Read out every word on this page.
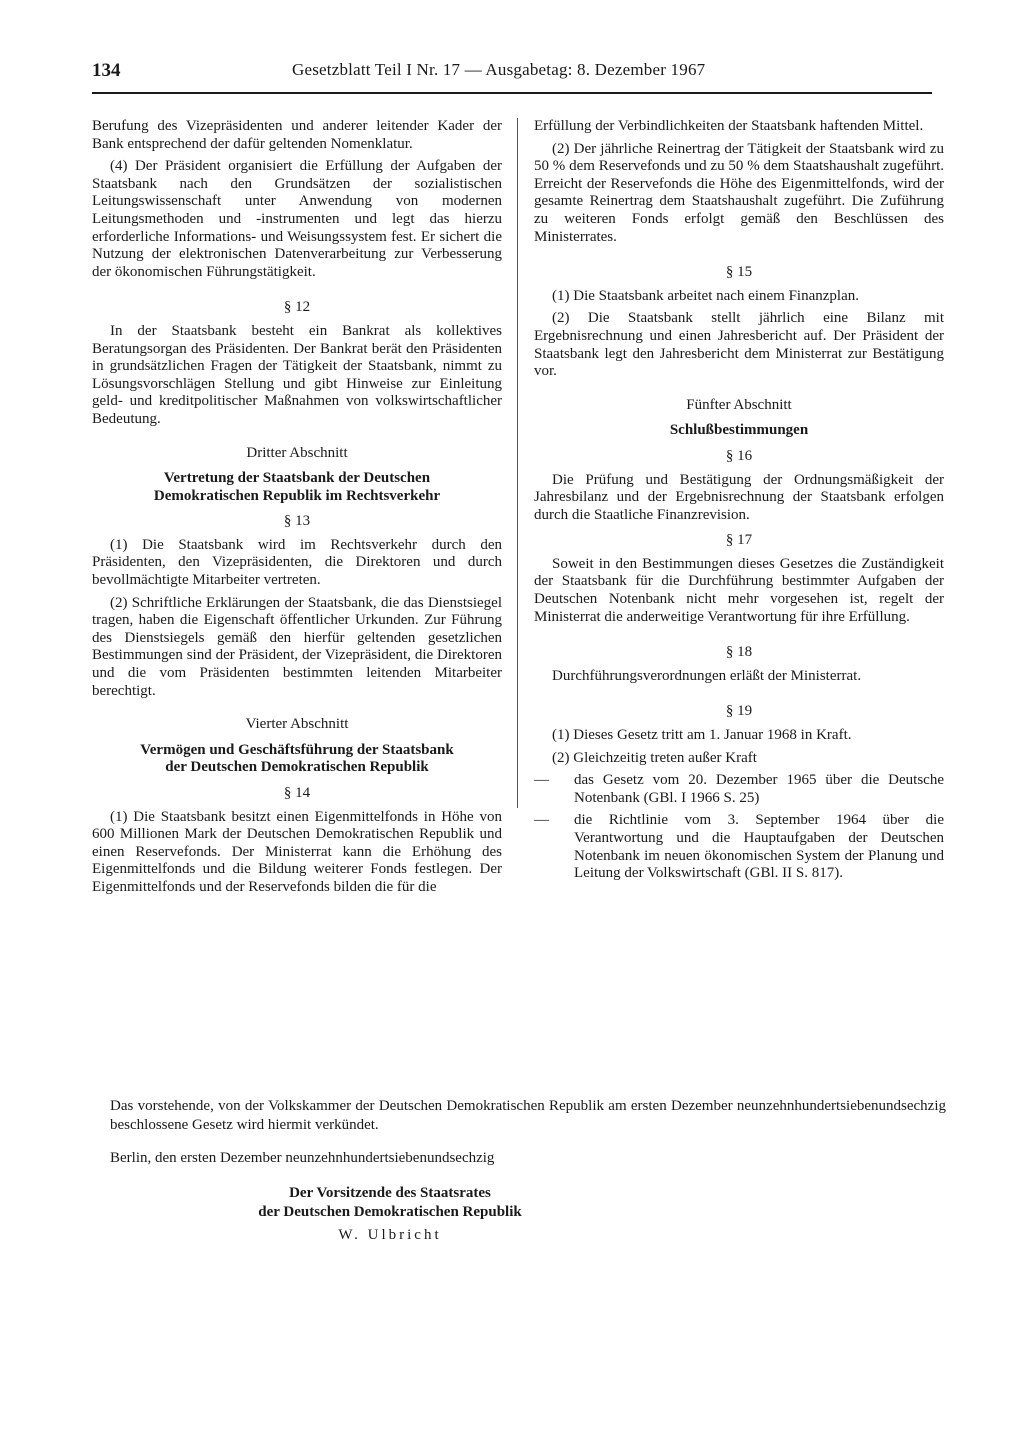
134	Gesetzblatt Teil I Nr. 17 — Ausgabetag: 8. Dezember 1967

Berufung des Vizepräsidenten und anderer leitender Kader der Bank entsprechend der dafür geltenden Nomenklatur.

(4) Der Präsident organisiert die Erfüllung der Aufgaben der Staatsbank nach den Grundsätzen der sozialistischen Leitungswissenschaft unter Anwendung von modernen Leitungsmethoden und -instrumenten und legt das hierzu erforderliche Informations- und Weisungssystem fest. Er sichert die Nutzung der elektronischen Datenverarbeitung zur Verbesserung der ökonomischen Führungstätigkeit.

§ 12

In der Staatsbank besteht ein Bankrat als kollektives Beratungsorgan des Präsidenten. Der Bankrat berät den Präsidenten in grundsätzlichen Fragen der Tätigkeit der Staatsbank, nimmt zu Lösungsvorschlägen Stellung und gibt Hinweise zur Einleitung geld- und kreditpolitischer Maßnahmen von volkswirtschaftlicher Bedeutung.

Dritter Abschnitt
Vertretung der Staatsbank der Deutschen
Demokratischen Republik im Rechtsverkehr
§ 13

(1) Die Staatsbank wird im Rechtsverkehr durch den Präsidenten, den Vizepräsidenten, die Direktoren und durch bevollmächtigte Mitarbeiter vertreten.

(2) Schriftliche Erklärungen der Staatsbank, die das Dienstsiegel tragen, haben die Eigenschaft öffentlicher Urkunden. Zur Führung des Dienstsiegels gemäß den hierfür geltenden gesetzlichen Bestimmungen sind der Präsident, der Vizepräsident, die Direktoren und die vom Präsidenten bestimmten leitenden Mitarbeiter berechtigt.

Vierter Abschnitt
Vermögen und Geschäftsführung der Staatsbank
der Deutschen Demokratischen Republik
§ 14

(1) Die Staatsbank besitzt einen Eigenmittelfonds in Höhe von 600 Millionen Mark der Deutschen Demokratischen Republik und einen Reservefonds. Der Ministerrat kann die Erhöhung des Eigenmittelfonds und die Bildung weiterer Fonds festlegen. Der Eigenmittelfonds und der Reservefonds bilden die für die

Erfüllung der Verbindlichkeiten der Staatsbank haftenden Mittel.

(2) Der jährliche Reinertrag der Tätigkeit der Staatsbank wird zu 50 % dem Reservefonds und zu 50 % dem Staatshaushalt zugeführt. Erreicht der Reservefonds die Höhe des Eigenmittelfonds, wird der gesamte Reinertrag dem Staatshaushalt zugeführt. Die Zuführung zu weiteren Fonds erfolgt gemäß den Beschlüssen des Ministerrates.

§ 15

(1) Die Staatsbank arbeitet nach einem Finanzplan.

(2) Die Staatsbank stellt jährlich eine Bilanz mit Ergebnisrechnung und einen Jahresbericht auf. Der Präsident der Staatsbank legt den Jahresbericht dem Ministerrat zur Bestätigung vor.

Fünfter Abschnitt
Schlußbestimmungen
§ 16

Die Prüfung und Bestätigung der Ordnungsmäßigkeit der Jahresbilanz und der Ergebnisrechnung der Staatsbank erfolgen durch die Staatliche Finanzrevision.

§ 17

Soweit in den Bestimmungen dieses Gesetzes die Zuständigkeit der Staatsbank für die Durchführung bestimmter Aufgaben der Deutschen Notenbank nicht mehr vorgesehen ist, regelt der Ministerrat die anderweitige Verantwortung für ihre Erfüllung.

§ 18

Durchführungsverordnungen erläßt der Ministerrat.

§ 19

(1) Dieses Gesetz tritt am 1. Januar 1968 in Kraft.

(2) Gleichzeitig treten außer Kraft

— das Gesetz vom 20. Dezember 1965 über die Deutsche Notenbank (GBl. I 1966 S. 25)
— die Richtlinie vom 3. September 1964 über die Verantwortung und die Hauptaufgaben der Deutschen Notenbank im neuen ökonomischen System der Planung und Leitung der Volkswirtschaft (GBl. II S. 817).

Das vorstehende, von der Volkskammer der Deutschen Demokratischen Republik am ersten Dezember neunzehnhundertsiebenundsechzig beschlossene Gesetz wird hiermit verkündet.

Berlin, den ersten Dezember neunzehnhundertsiebenundsechzig

Der Vorsitzende des Staatsrates
der Deutschen Demokratischen Republik
W. Ulbricht
